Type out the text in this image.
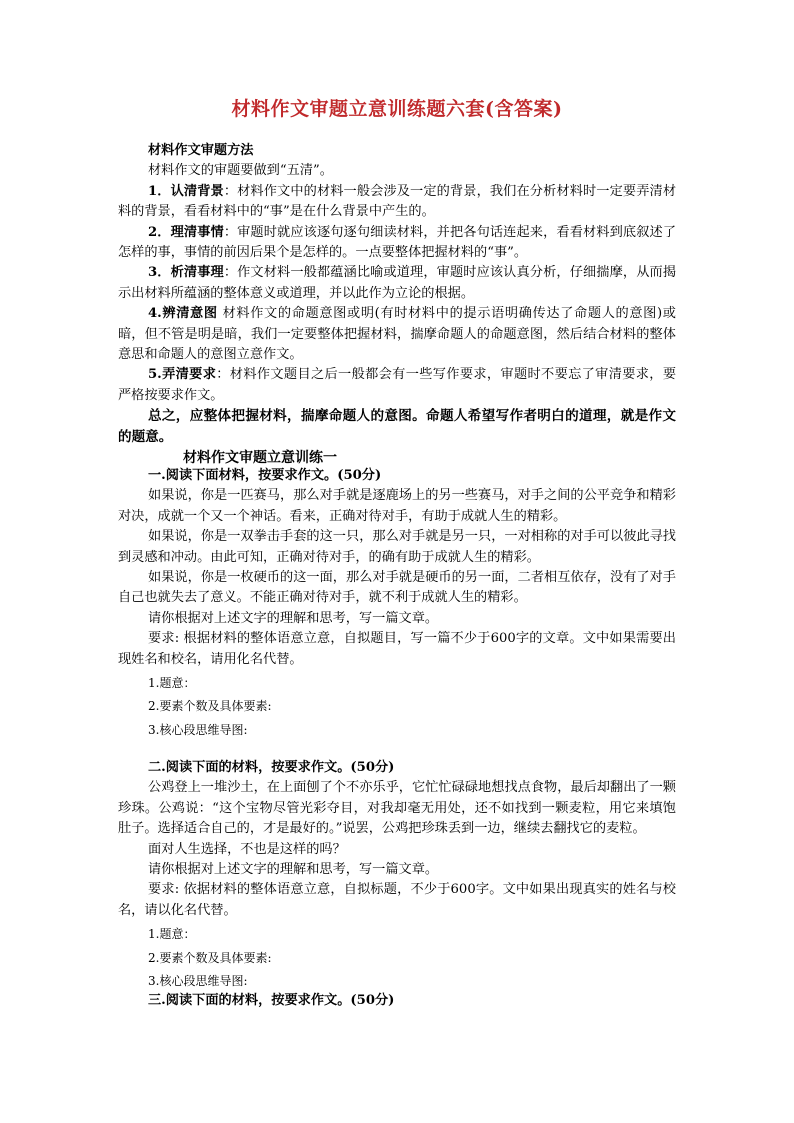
材料作文审题立意训练题六套(含答案)

材料作文审题方法

材料作文的审题要做到“五清”。

1．认清背景：材料作文中的材料一般会涉及一定的背景，我们在分析材料时一定要弄清材料的背景，看看材料中的“事”是在什么背景中产生的。

2．理清事情：审题时就应该逐句逐句细读材料，并把各句话连起来，看看材料到底叙述了怎样的事，事情的前因后果个是怎样的。一点要整体把握材料的“事”。

3．析清事理：作文材料一般都蕴涵比喻或道理，审题时应该认真分析，仔细揣摩，从而揭示出材料所蕴涵的整体意义或道理，并以此作为立论的根据。

4.辨清意图 材料作文的命题意图或明(有时材料中的提示语明确传达了命题人的意图)或暗，但不管是明是暗，我们一定要整体把握材料，揣摩命题人的命题意图，然后结合材料的整体意思和命题人的意图立意作文。

5.弄清要求：材料作文题目之后一般都会有一些写作要求，审题时不要忘了审清要求，要严格按要求作文。

总之，应整体把握材料，揣摩命题人的意图。命题人希望写作者明白的道理，就是作文的题意。

材料作文审题立意训练一

一.阅读下面材料，按要求作文。(50分)

如果说，你是一匹赛马，那么对手就是逐鹿场上的另一些赛马，对手之间的公平竞争和精彩对决，成就一个又一个神话。看来，正确对待对手，有助于成就人生的精彩。

如果说，你是一双拳击手套的这一只，那么对手就是另一只，一对相称的对手可以彼此寻找到灵感和冲动。由此可知，正确对待对手，的确有助于成就人生的精彩。

如果说，你是一枚硬币的这一面，那么对手就是硬币的另一面，二者相互依存，没有了对手自己也就失去了意义。不能正确对待对手，就不利于成就人生的精彩。

请你根据对上述文字的理解和思考，写一篇文章。

要求: 根据材料的整体语意立意，自拟题目，写一篇不少于600字的文章。文中如果需要出现姓名和校名，请用化名代替。

1.题意：

2.要素个数及具体要素:

3.核心段思维导图:

二.阅读下面的材料，按要求作文。(50分)

公鸡登上一堆沙土，在上面刨了个不亦乐乎，它忙忙碌碌地想找点食物，最后却翻出了一颗珍珠。公鸡说：“这个宝物尽管光彩夺目，对我却毫无用处，还不如找到一颗麦粒，用它来填饱肚子。选择适合自己的，才是最好的。”说罢，公鸡把珍珠丢到一边，继续去翻找它的麦粒。

面对人生选择，不也是这样的吗？

请你根据对上述文字的理解和思考，写一篇文章。

要求: 依据材料的整体语意立意，自拟标题，不少于600字。文中如果出现真实的姓名与校名，请以化名代替。

1.题意：

2.要素个数及具体要素:

3.核心段思维导图:

三.阅读下面的材料，按要求作文。(50分)
